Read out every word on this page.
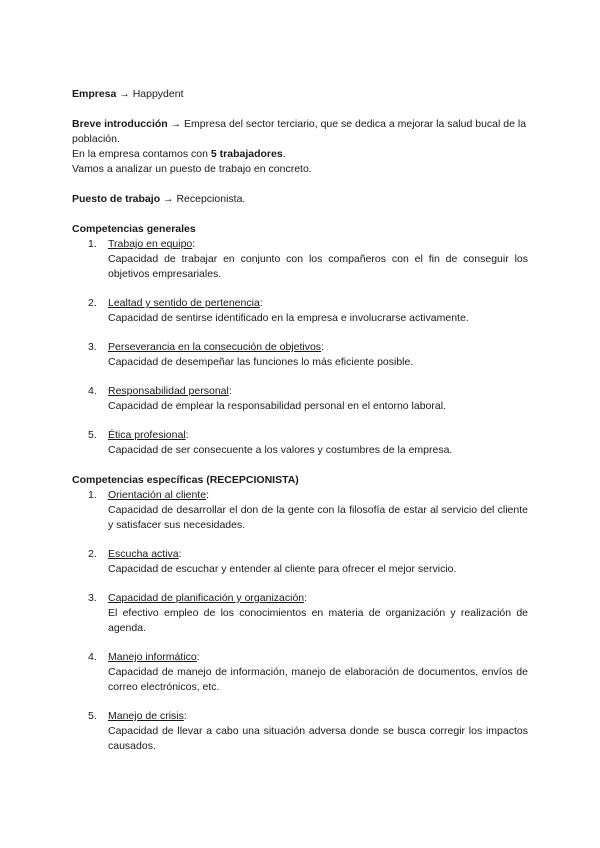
Empresa → Happydent

Breve introducción → Empresa del sector terciario, que se dedica a mejorar la salud bucal de la población.

En la empresa contamos con 5 trabajadores.

Vamos a analizar un puesto de trabajo en concreto.

Puesto de trabajo → Recepcionista.

Competencias generales

1. Trabajo en equipo:

Capacidad de trabajar en conjunto con los compañeros con el fin de conseguir los objetivos empresariales.

2. Lealtad y sentido de pertenencia:

Capacidad de sentirse identificado en la empresa e involucrarse activamente.

3. Perseverancia en la consecución de objetivos:

Capacidad de desempeñar las funciones lo más eficiente posible.

4. Responsabilidad personal:

Capacidad de emplear la responsabilidad personal en el entorno laboral.

5. Ética profesional:

Capacidad de ser consecuente a los valores y costumbres de la empresa.

Competencias específicas (RECEPCIONISTA)

1. Orientación al cliente:

Capacidad de desarrollar el don de la gente con la filosofía de estar al servicio del cliente y satisfacer sus necesidades.

2. Escucha activa:

Capacidad de escuchar y entender al cliente para ofrecer el mejor servicio.

3. Capacidad de planificación y organización:

El efectivo empleo de los conocimientos en materia de organización y realización de agenda.

4. Manejo informático:

Capacidad de manejo de información, manejo de elaboración de documentos, envíos de correo electrónicos, etc.

5. Manejo de crisis:

Capacidad de llevar a cabo una situación adversa donde se busca corregir los impactos causados.
